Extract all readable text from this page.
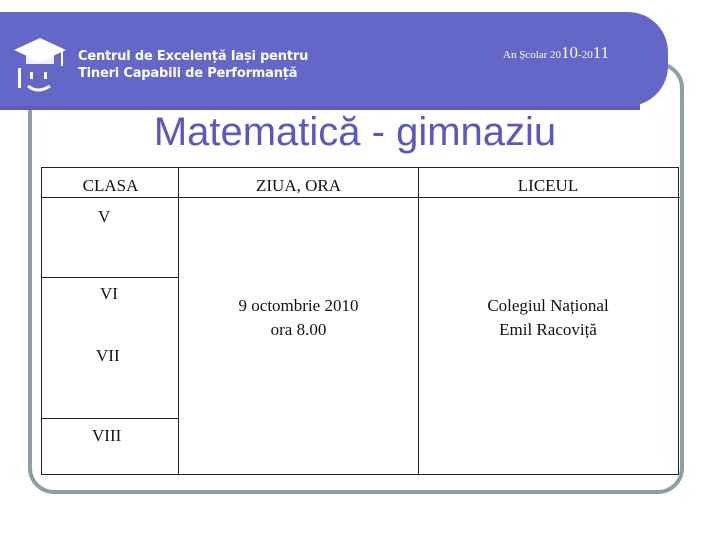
Centrul de Excelență Iași pentru
Tineri Capabili de Performanță
An Școlar 2010-2011
Matematică - gimnaziu
CLASA	ZIUA, ORA	LICEUL
V
VI
VII
VIII
9 octombrie 2010
ora 8.00
Colegiul Național
Emil Racoviță
